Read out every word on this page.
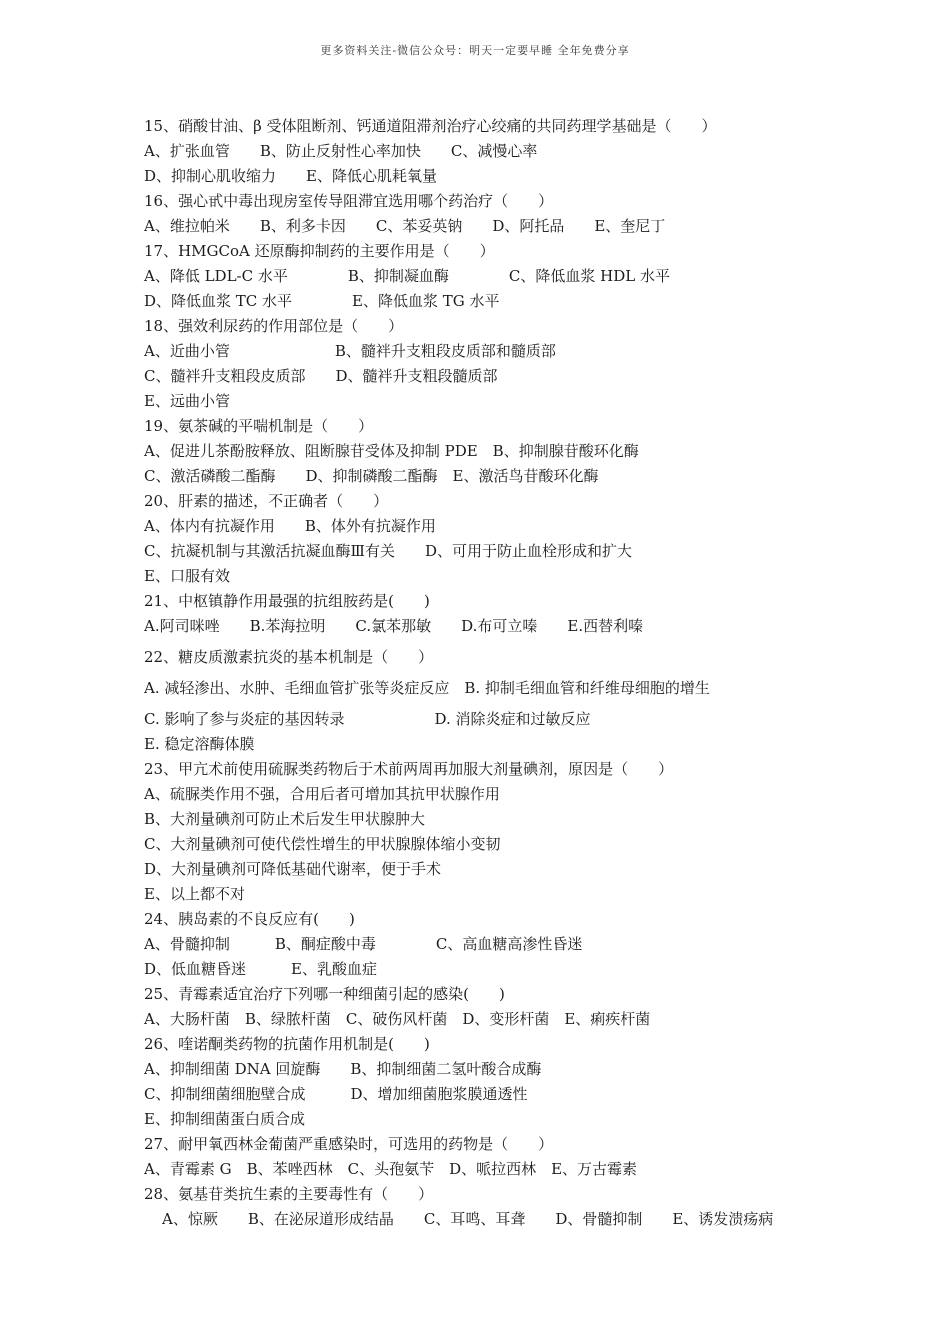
更多资料关注-微信公众号：明天一定要早睡 全年免费分享
15、硝酸甘油、β 受体阻断剂、钙通道阻滞剂治疗心绞痛的共同药理学基础是（　　）
A、扩张血管　　B、防止反射性心率加快　　C、减慢心率
D、抑制心肌收缩力　　E、降低心肌耗氧量
16、强心甙中毒出现房室传导阻滞宜选用哪个药治疗（　　）
A、维拉帕米　　B、利多卡因　　C、苯妥英钠　　D、阿托品　　E、奎尼丁
17、HMGCoA 还原酶抑制药的主要作用是（　　）
A、降低 LDL-C 水平　　　　B、抑制凝血酶　　　　C、降低血浆 HDL 水平
D、降低血浆 TC 水平　　　　E、降低血浆 TG 水平
18、强效利尿药的作用部位是（　　）
A、近曲小管　　　　　　　B、髓袢升支粗段皮质部和髓质部
C、髓袢升支粗段皮质部　　D、髓袢升支粗段髓质部
E、远曲小管
19、氨茶碱的平喘机制是（　　）
A、促进儿茶酚胺释放、阻断腺苷受体及抑制 PDE　B、抑制腺苷酸环化酶
C、激活磷酸二酯酶　　D、抑制磷酸二酯酶　E、激活鸟苷酸环化酶
20、肝素的描述，不正确者（　　）
A、体内有抗凝作用　　B、体外有抗凝作用
C、抗凝机制与其激活抗凝血酶Ⅲ有关　　D、可用于防止血栓形成和扩大
E、口服有效
21、中枢镇静作用最强的抗组胺药是(　　)
A.阿司咪唑　　B.苯海拉明　　C.氯苯那敏　　D.布可立嗪　　E.西替利嗪
22、糖皮质激素抗炎的基本机制是（　　）
A. 减轻渗出、水肿、毛细血管扩张等炎症反应　B. 抑制毛细血管和纤维母细胞的增生
C. 影响了参与炎症的基因转录　　　　　　D. 消除炎症和过敏反应
E. 稳定溶酶体膜
23、甲亢术前使用硫脲类药物后于术前两周再加服大剂量碘剂，原因是（　　）
A、硫脲类作用不强，合用后者可增加其抗甲状腺作用
B、大剂量碘剂可防止术后发生甲状腺肿大
C、大剂量碘剂可使代偿性增生的甲状腺腺体缩小变韧
D、大剂量碘剂可降低基础代谢率，便于手术
E、以上都不对
24、胰岛素的不良反应有(　　)
A、骨髓抑制　　　B、酮症酸中毒　　　　C、高血糖高渗性昏迷
D、低血糖昏迷　　　E、乳酸血症
25、青霉素适宜治疗下列哪一种细菌引起的感染(　　)
A、大肠杆菌　B、绿脓杆菌　C、破伤风杆菌　D、变形杆菌　E、痢疾杆菌
26、喹诺酮类药物的抗菌作用机制是(　　)
A、抑制细菌 DNA 回旋酶　　B、抑制细菌二氢叶酸合成酶
C、抑制细菌细胞壁合成　　　D、增加细菌胞浆膜通透性
E、抑制细菌蛋白质合成
27、耐甲氧西林金葡菌严重感染时，可选用的药物是（　　）
A、青霉素 G　B、苯唑西林　C、头孢氨苄　D、哌拉西林　E、万古霉素
28、氨基苷类抗生素的主要毒性有（　　）
A、惊厥　　B、在泌尿道形成结晶　　C、耳鸣、耳聋　　D、骨髓抑制　　E、诱发溃疡病
